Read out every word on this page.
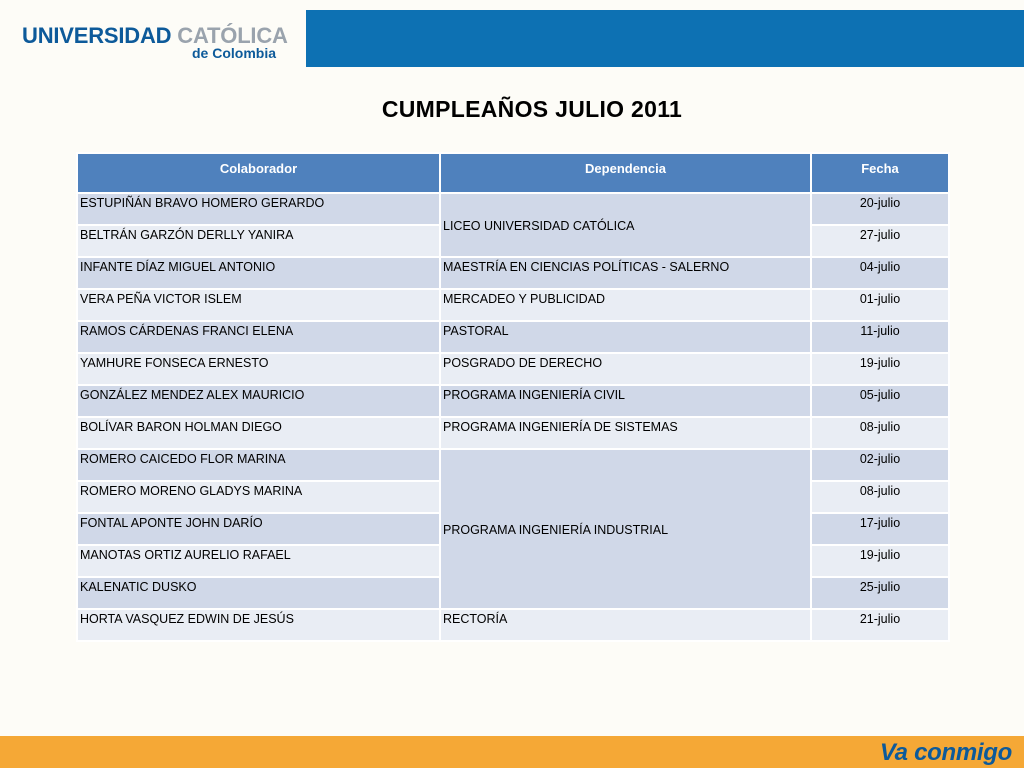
UNIVERSIDAD CATÓLICA
de Colombia
CUMPLEAÑOS JULIO 2011
Colaborador	Dependencia	Fecha
ESTUPIÑÁN BRAVO HOMERO GERARDO	LICEO UNIVERSIDAD CATÓLICA	20-julio
BELTRÁN GARZÓN DERLLY YANIRA		27-julio
INFANTE DÍAZ MIGUEL ANTONIO	MAESTRÍA EN CIENCIAS POLÍTICAS - SALERNO	04-julio
VERA PEÑA VICTOR ISLEM	MERCADEO Y PUBLICIDAD	01-julio
RAMOS CÁRDENAS FRANCI ELENA	PASTORAL	11-julio
YAMHURE FONSECA ERNESTO	POSGRADO DE DERECHO	19-julio
GONZÁLEZ MENDEZ ALEX MAURICIO	PROGRAMA INGENIERÍA CIVIL	05-julio
BOLÍVAR BARON HOLMAN DIEGO	PROGRAMA INGENIERÍA DE SISTEMAS	08-julio
ROMERO CAICEDO FLOR MARINA	PROGRAMA INGENIERÍA INDUSTRIAL	02-julio
ROMERO MORENO GLADYS MARINA		08-julio
FONTAL APONTE JOHN DARÍO		17-julio
MANOTAS ORTIZ AURELIO RAFAEL		19-julio
KALENATIC DUSKO		25-julio
HORTA VASQUEZ EDWIN DE JESÚS	RECTORÍA	21-julio
Va conmigo
